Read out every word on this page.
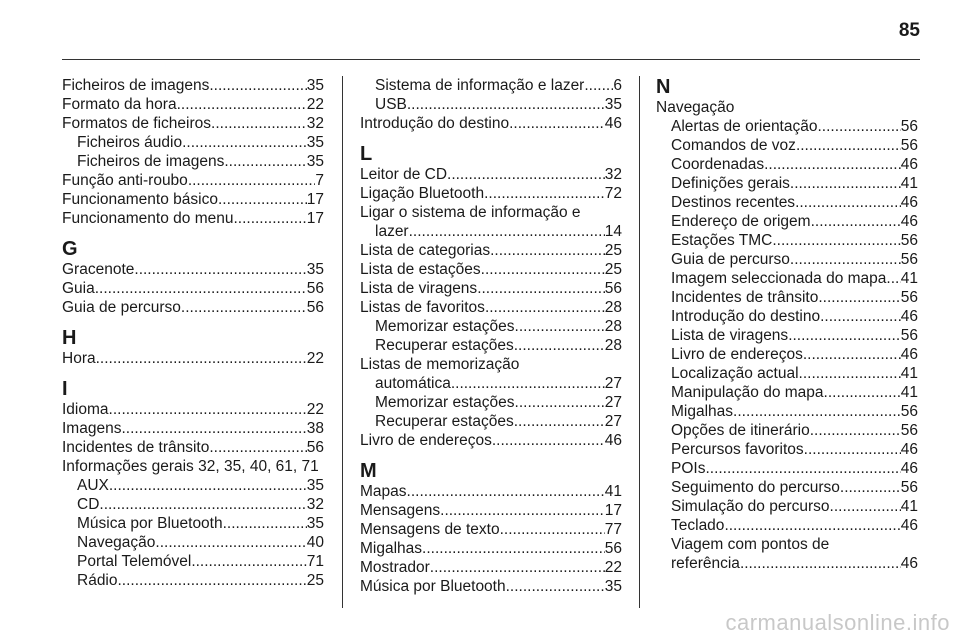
85
Ficheiros de imagens .....	35
Formato da hora .....	22
Formatos de ficheiros .....	32
Ficheiros áudio .....	35
Ficheiros de imagens .....	35
Função anti-roubo .....	7
Funcionamento básico .....	17
Funcionamento do menu .....	17
G
Gracenote .....	35
Guia .....	56
Guia de percurso .....	56
H
Hora .....	22
I
Idioma .....	22
Imagens .....	38
Incidentes de trânsito .....	56
Informações gerais 32, 35, 40, 61, 71
AUX .....	35
CD .....	32
Música por Bluetooth .....	35
Navegação .....	40
Portal Telemóvel .....	71
Rádio .....	25
Sistema de informação e lazer ..... 6
USB .....	35
Introdução do destino .....	46
L
Leitor de CD .....	32
Ligação Bluetooth .....	72
Ligar o sistema de informação e
lazer .....	14
Lista de categorias .....	25
Lista de estações .....	25
Lista de viragens .....	56
Listas de favoritos .....	28
Memorizar estações .....	28
Recuperar estações .....	28
Listas de memorização
automática .....	27
Memorizar estações .....	27
Recuperar estações .....	27
Livro de endereços .....	46
M
Mapas .....	41
Mensagens .....	17
Mensagens de texto .....	77
Migalhas .....	56
Mostrador .....	22
Música por Bluetooth .....	35
N
Navegação
Alertas de orientação .....	56
Comandos de voz .....	56
Coordenadas .....	46
Definições gerais .....	41
Destinos recentes .....	46
Endereço de origem .....	46
Estações TMC .....	56
Guia de percurso .....	56
Imagem seleccionada do mapa ..... 41
Incidentes de trânsito .....	56
Introdução do destino .....	46
Lista de viragens .....	56
Livro de endereços .....	46
Localização actual .....	41
Manipulação do mapa .....	41
Migalhas .....	56
Opções de itinerário .....	56
Percursos favoritos .....	46
POIs .....	46
Seguimento do percurso .....	56
Simulação do percurso .....	41
Teclado .....	46
Viagem com pontos de
referência .....	46
carmanualsonline.info
